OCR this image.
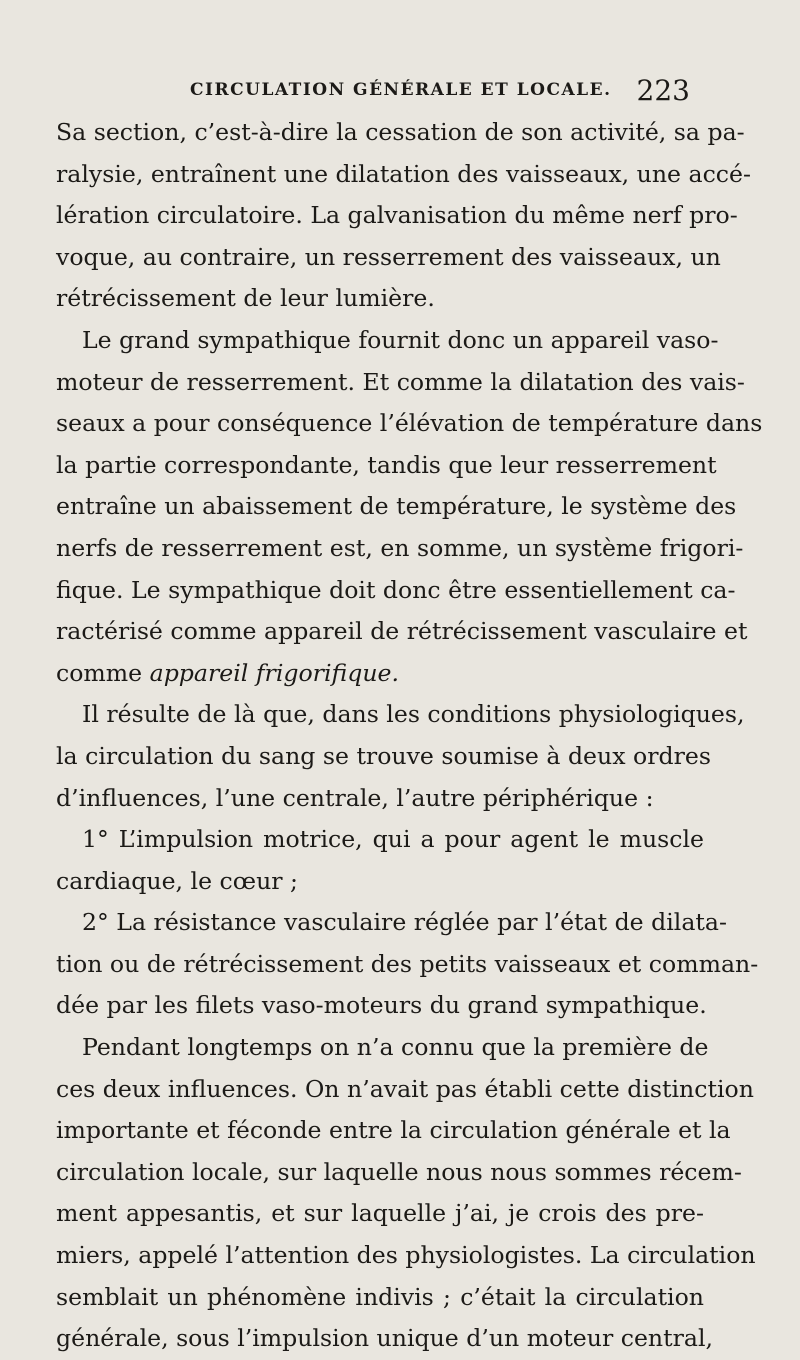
CIRCULATION GÉNÉRALE ET LOCALE. 223
Sa section, c’est-à-dire la cessation de son activité, sa pa-
ralysie, entraînent une dilatation des vaisseaux, une accé-
lération circulatoire. La galvanisation du même nerf pro-
voque, au contraire, un resserrement des vaisseaux, un
rétrécissement de leur lumière.
Le grand sympathique fournit donc un appareil vaso-
moteur de resserrement. Et comme la dilatation des vais-
seaux a pour conséquence l’élévation de température dans
la partie correspondante, tandis que leur resserrement
entraîne un abaissement de température, le système des
nerfs de resserrement est, en somme, un système frigori-
fique. Le sympathique doit donc être essentiellement ca-
ractérisé comme appareil de rétrécissement vasculaire et
comme appareil frigorifique.
Il résulte de là que, dans les conditions physiologiques,
la circulation du sang se trouve soumise à deux ordres
d’influences, l’une centrale, l’autre périphérique :
1° L’impulsion motrice, qui a pour agent le muscle
cardiaque, le cœur ;
2° La résistance vasculaire réglée par l’état de dilata-
tion ou de rétrécissement des petits vaisseaux et comman-
dée par les filets vaso-moteurs du grand sympathique.
Pendant longtemps on n’a connu que la première de
ces deux influences. On n’avait pas établi cette distinction
importante et féconde entre la circulation générale et la
circulation locale, sur laquelle nous nous sommes récem-
ment appesantis, et sur laquelle j’ai, je crois des pre-
miers, appelé l’attention des physiologistes. La circulation
semblait un phénomène indivis ; c’était la circulation
générale, sous l’impulsion unique d’un moteur central,
